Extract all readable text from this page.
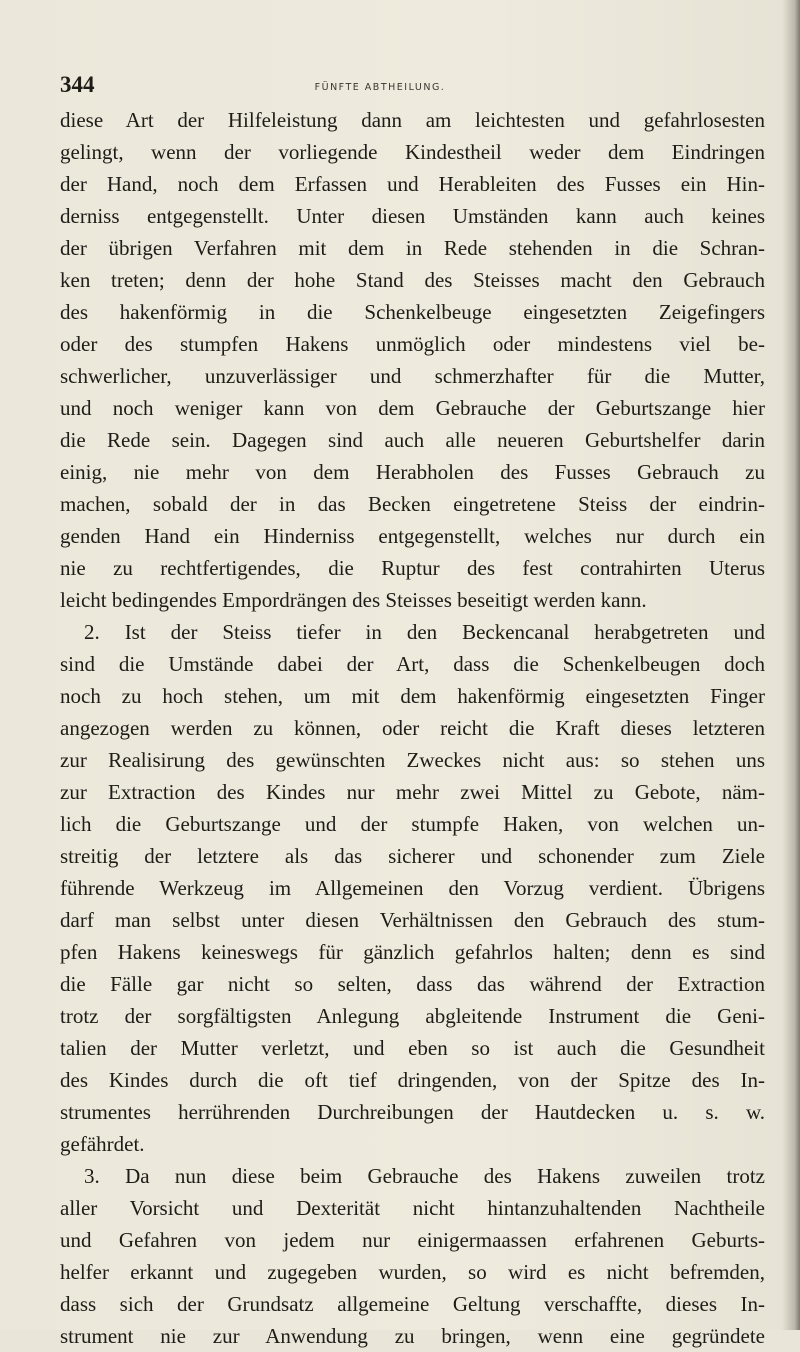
344	FÜNFTE ABTHEILUNG.
diese Art der Hilfeleistung dann am leichtesten und gefahrlosesten
gelingt, wenn der vorliegende Kindestheil weder dem Eindringen
der Hand, noch dem Erfassen und Herableiten des Fusses ein Hin-
derniss entgegenstellt. Unter diesen Umständen kann auch keines
der übrigen Verfahren mit dem in Rede stehenden in die Schran-
ken treten; denn der hohe Stand des Steisses macht den Gebrauch
des hakenförmig in die Schenkelbeuge eingesetzten Zeigefingers
oder des stumpfen Hakens unmöglich oder mindestens viel be-
schwerlicher, unzuverlässiger und schmerzhafter für die Mutter,
und noch weniger kann von dem Gebrauche der Geburtszange hier
die Rede sein. Dagegen sind auch alle neueren Geburtshelfer darin
einig, nie mehr von dem Herabholen des Fusses Gebrauch zu
machen, sobald der in das Becken eingetretene Steiss der eindrin-
genden Hand ein Hinderniss entgegenstellt, welches nur durch ein
nie zu rechtfertigendes, die Ruptur des fest contrahirten Uterus
leicht bedingendes Empordrängen des Steisses beseitigt werden kann.
2. Ist der Steiss tiefer in den Beckencanal herabgetreten und
sind die Umstände dabei der Art, dass die Schenkelbeugen doch
noch zu hoch stehen, um mit dem hakenförmig eingesetzten Finger
angezogen werden zu können, oder reicht die Kraft dieses letzteren
zur Realisirung des gewünschten Zweckes nicht aus: so stehen uns
zur Extraction des Kindes nur mehr zwei Mittel zu Gebote, näm-
lich die Geburtszange und der stumpfe Haken, von welchen un-
streitig der letztere als das sicherer und schonender zum Ziele
führende Werkzeug im Allgemeinen den Vorzug verdient. Übrigens
darf man selbst unter diesen Verhältnissen den Gebrauch des stum-
pfen Hakens keineswegs für gänzlich gefahrlos halten; denn es sind
die Fälle gar nicht so selten, dass das während der Extraction
trotz der sorgfältigsten Anlegung abgleitende Instrument die Geni-
talien der Mutter verletzt, und eben so ist auch die Gesundheit
des Kindes durch die oft tief dringenden, von der Spitze des In-
strumentes herrührenden Durchreibungen der Hautdecken u. s. w.
gefährdet.
3. Da nun diese beim Gebrauche des Hakens zuweilen trotz
aller Vorsicht und Dexterität nicht hintanzuhaltenden Nachtheile
und Gefahren von jedem nur einigermaassen erfahrenen Geburts-
helfer erkannt und zugegeben wurden, so wird es nicht befremden,
dass sich der Grundsatz allgemeine Geltung verschaffte, dieses In-
strument nie zur Anwendung zu bringen, wenn eine gegründete
